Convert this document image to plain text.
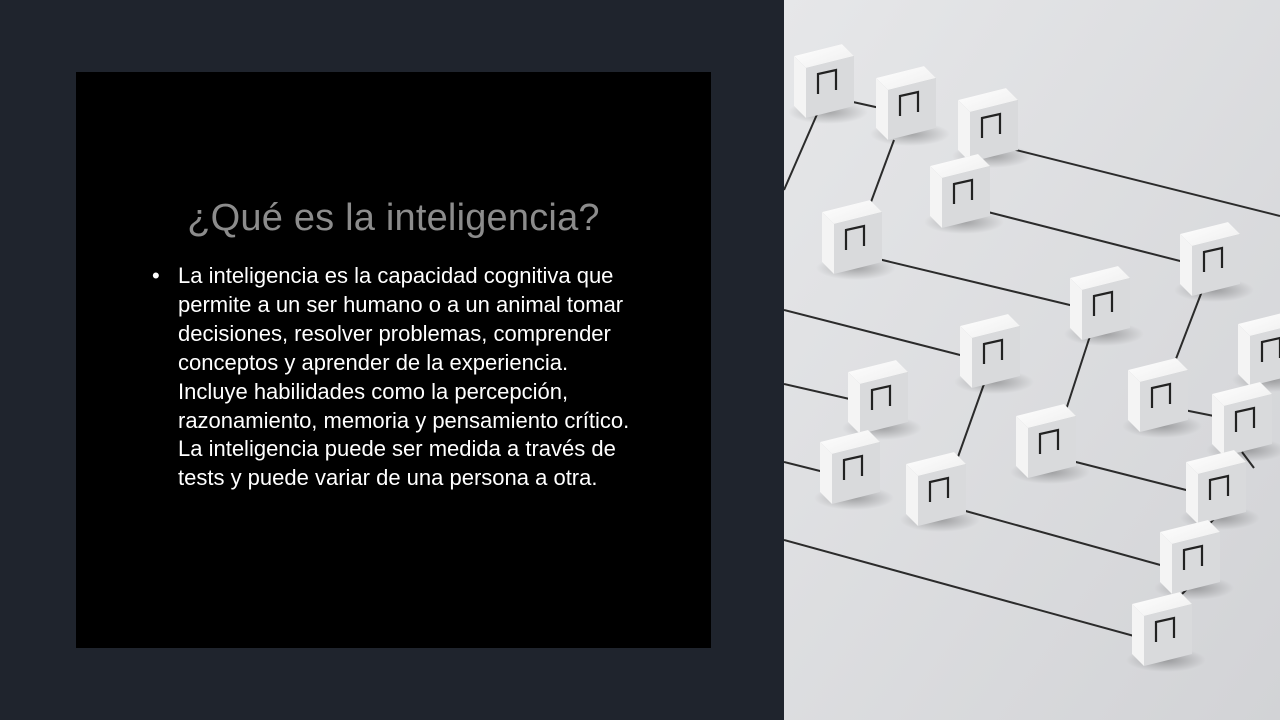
¿Qué es la inteligencia?
• La inteligencia es la capacidad cognitiva que permite a un ser humano o a un animal tomar decisiones, resolver problemas, comprender conceptos y aprender de la experiencia. Incluye habilidades como la percepción, razonamiento, memoria y pensamiento crítico. La inteligencia puede ser medida a través de tests y puede variar de una persona a otra.
